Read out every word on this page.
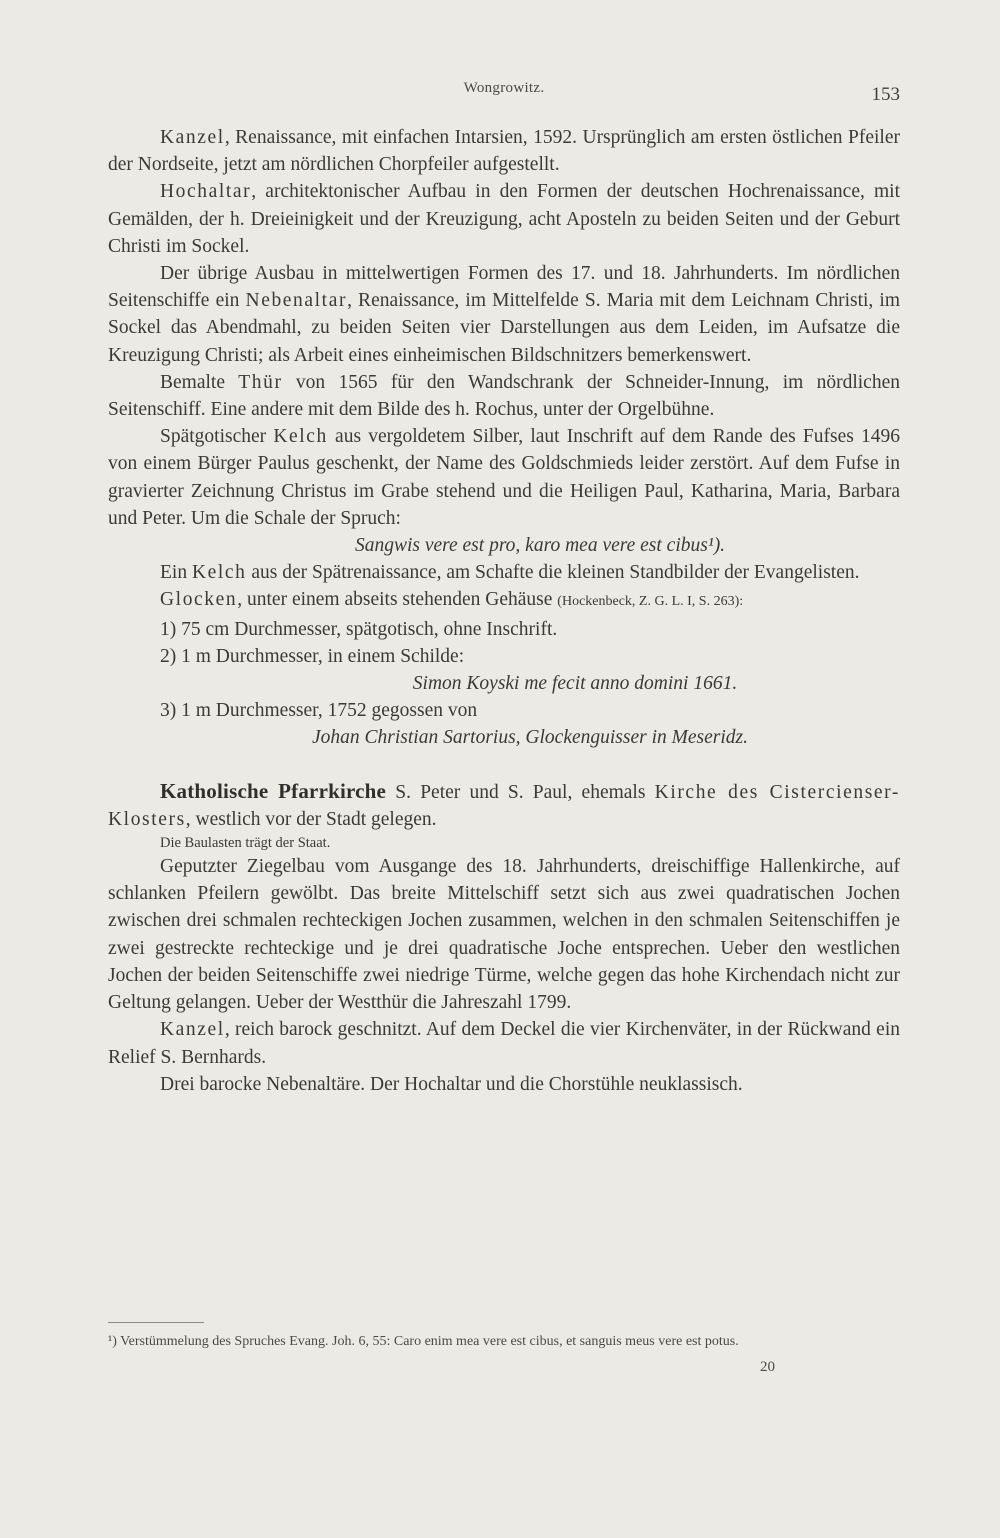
Wongrowitz.	153

Kanzel, Renaissance, mit einfachen Intarsien, 1592. Ursprünglich am ersten östlichen Pfeiler der Nordseite, jetzt am nördlichen Chorpfeiler aufgestellt.

Hochaltar, architektonischer Aufbau in den Formen der deutschen Hochrenaissance, mit Gemälden, der h. Dreieinigkeit und der Kreuzigung, acht Aposteln zu beiden Seiten und der Geburt Christi im Sockel.

Der übrige Ausbau in mittelwertigen Formen des 17. und 18. Jahrhunderts. Im nördlichen Seitenschiffe ein Nebenaltar, Renaissance, im Mittelfelde S. Maria mit dem Leichnam Christi, im Sockel das Abendmahl, zu beiden Seiten vier Darstellungen aus dem Leiden, im Aufsatze die Kreuzigung Christi; als Arbeit eines einheimischen Bildschnitzers bemerkenswert.

Bemalte Thür von 1565 für den Wandschrank der Schneider-Innung, im nördlichen Seitenschiff. Eine andere mit dem Bilde des h. Rochus, unter der Orgelbühne.

Spätgotischer Kelch aus vergoldetem Silber, laut Inschrift auf dem Rande des Fufses 1496 von einem Bürger Paulus geschenkt, der Name des Goldschmieds leider zerstört. Auf dem Fufse in gravierter Zeichnung Christus im Grabe stehend und die Heiligen Paul, Katharina, Maria, Barbara und Peter. Um die Schale der Spruch:

Sangwis vere est pro, karo mea vere est cibus¹).

Ein Kelch aus der Spätrenaissance, am Schafte die kleinen Standbilder der Evangelisten.

Glocken, unter einem abseits stehenden Gehäuse (Hockenbeck, Z. G. L. I, S. 263):

1) 75 cm Durchmesser, spätgotisch, ohne Inschrift.

2) 1 m Durchmesser, in einem Schilde:

Simon Koyski me fecit anno domini 1661.

3) 1 m Durchmesser, 1752 gegossen von

Johan Christian Sartorius, Glockenguisser in Meseridz.

Katholische Pfarrkirche S. Peter und S. Paul, ehemals Kirche des Cistercienser-Klosters, westlich vor der Stadt gelegen.

Die Baulasten trägt der Staat.

Geputzter Ziegelbau vom Ausgange des 18. Jahrhunderts, dreischiffige Hallenkirche, auf schlanken Pfeilern gewölbt. Das breite Mittelschiff setzt sich aus zwei quadratischen Jochen zwischen drei schmalen rechteckigen Jochen zusammen, welchen in den schmalen Seitenschiffen je zwei gestreckte rechteckige und je drei quadratische Joche entsprechen. Ueber den westlichen Jochen der beiden Seitenschiffe zwei niedrige Türme, welche gegen das hohe Kirchendach nicht zur Geltung gelangen. Ueber der Westthür die Jahreszahl 1799.

Kanzel, reich barock geschnitzt. Auf dem Deckel die vier Kirchenväter, in der Rückwand ein Relief S. Bernhards.

Drei barocke Nebenaltäre. Der Hochaltar und die Chorstühle neuklassisch.

¹) Verstümmelung des Spruches Evang. Joh. 6, 55: Caro enim mea vere est cibus, et sanguis meus vere est potus.
20
